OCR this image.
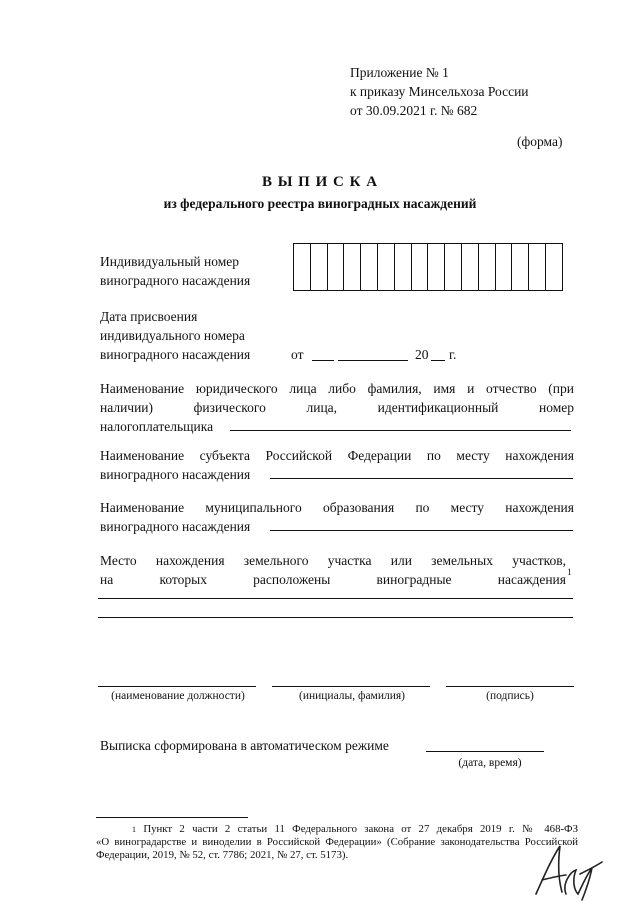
Приложение № 1
к приказу Минсельхоза России
от 30.09.2021 г. № 682
(форма)
В Ы П И С К А
из федерального реестра виноградных насаждений
Индивидуальный номер
виноградного насаждения
Дата присвоения
индивидуального номера
виноградного насаждения	от	20 г.
Наименование юридического лица либо фамилия, имя и отчество (при
наличии) физического лица, идентификационный номер
налогоплательщика
Наименование субъекта Российской Федерации по месту нахождения
виноградного насаждения
Наименование муниципального образования по месту нахождения
виноградного насаждения
Место нахождения земельного участка или земельных участков,
на которых расположены виноградные насаждения 1
(наименование должности)	(инициалы, фамилия)	(подпись)
Выписка сформирована в автоматическом режиме
(дата, время)
$^1$ Пункт 2 части 2 статьи 11 Федерального закона от 27 декабря 2019 г. № 468-ФЗ
«О виноградарстве и виноделии в Российской Федерации» (Собрание законодательства Российской
Федерации, 2019, № 52, ст. 7786; 2021, № 27, ст. 5173).
